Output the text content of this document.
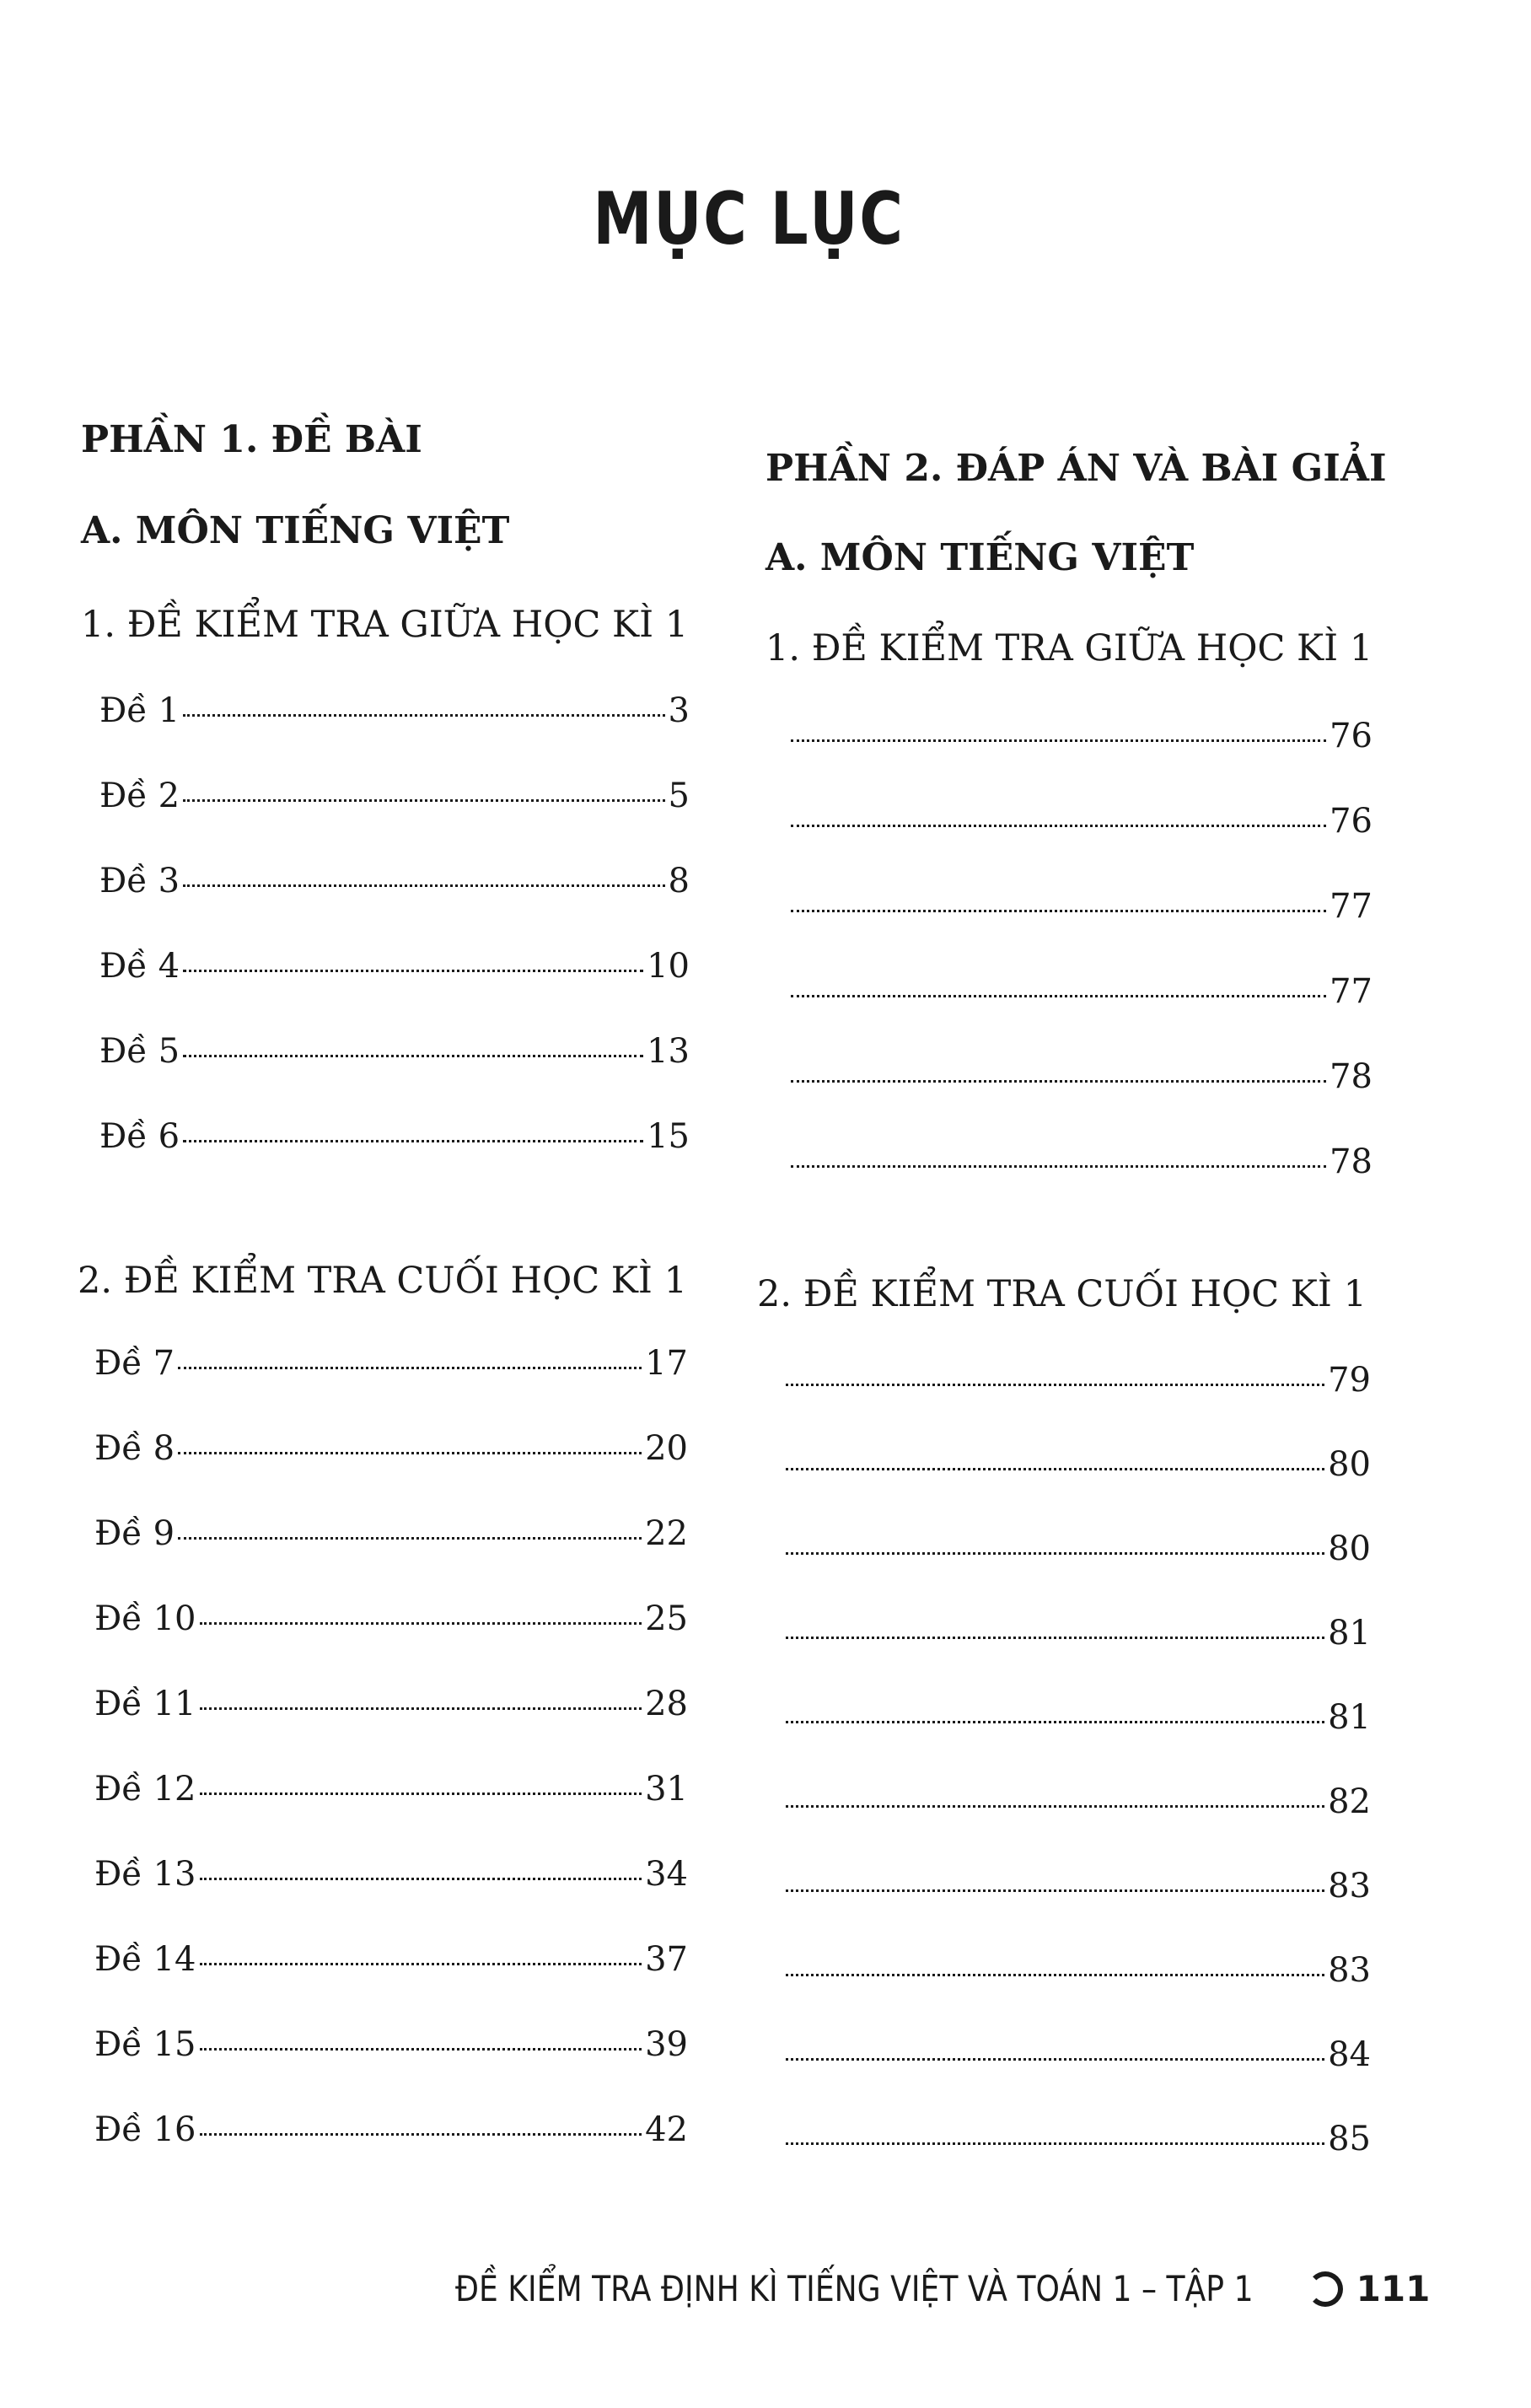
MỤC LỤC
PHẦN 1. ĐỀ BÀI
A. MÔN TIẾNG VIỆT
1. ĐỀ KIỂM TRA GIỮA HỌC KÌ 1
Đề 1	3
Đề 2	5
Đề 3	8
Đề 4	10
Đề 5	13
Đề 6	15
2. ĐỀ KIỂM TRA CUỐI HỌC KÌ 1
Đề 7	17
Đề 8	20
Đề 9	22
Đề 10	25
Đề 11	28
Đề 12	31
Đề 13	34
Đề 14	37
Đề 15	39
Đề 16	42
PHẦN 2. ĐÁP ÁN VÀ BÀI GIẢI
A. MÔN TIẾNG VIỆT
1. ĐỀ KIỂM TRA GIỮA HỌC KÌ 1
76
76
77
77
78
78
2. ĐỀ KIỂM TRA CUỐI HỌC KÌ 1
79
80
80
81
81
82
83
83
84
85
ĐỀ KIỂM TRA ĐỊNH KÌ TIẾNG VIỆT VÀ TOÁN 1 – TẬP 1	111
